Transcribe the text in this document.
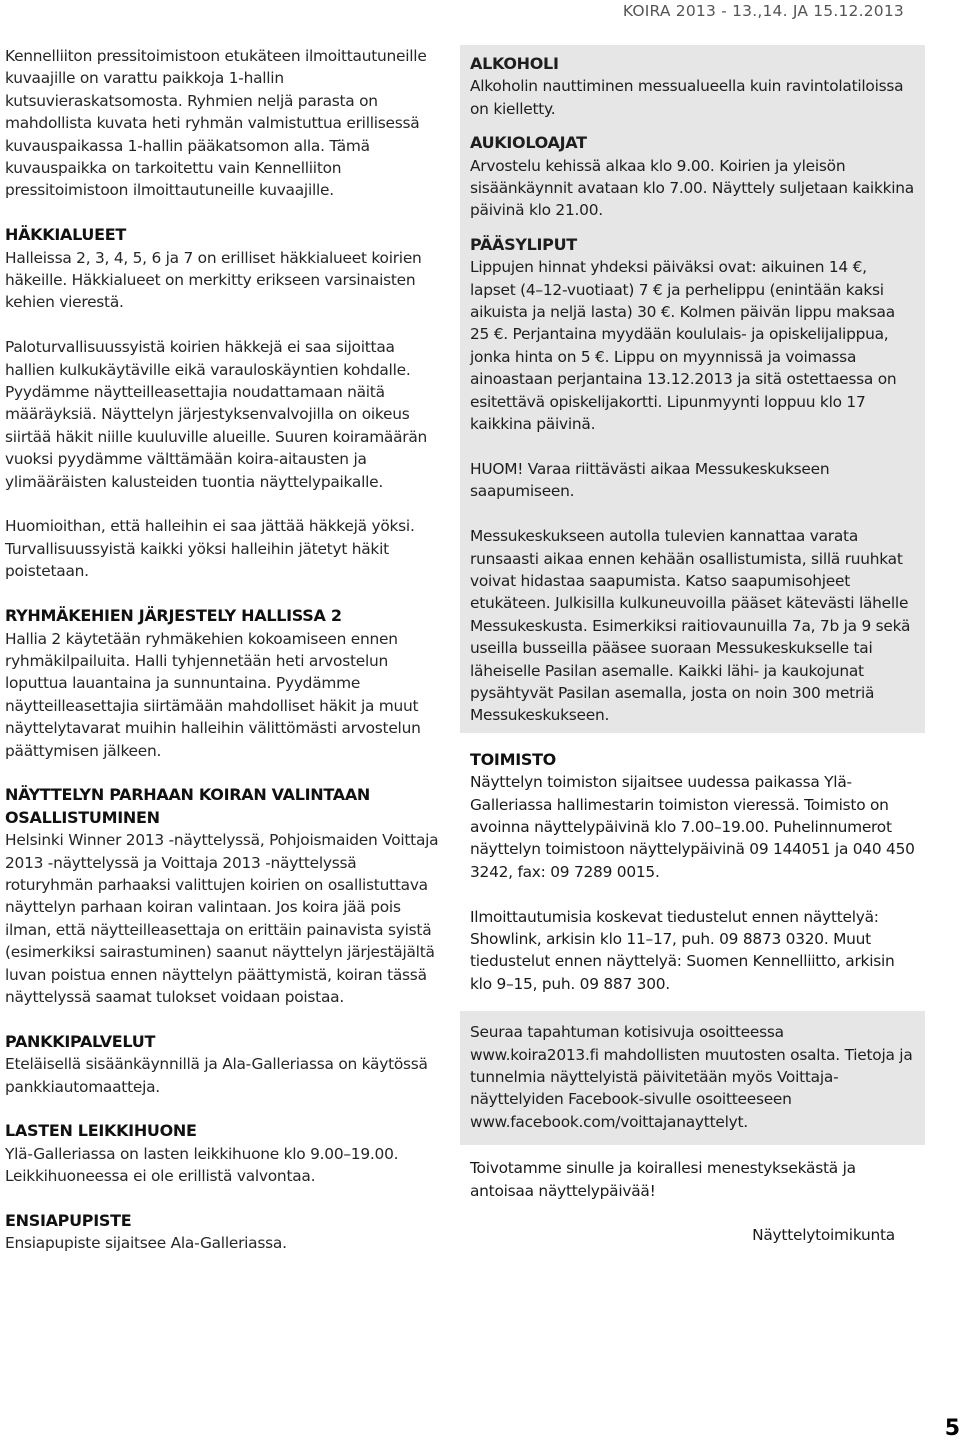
KOIRA 2013 - 13.,14. JA 15.12.2013

Kennelliiton pressitoimistoon etukäteen ilmoittautuneille kuvaajille on varattu paikkoja 1-hallin kutsuvieraskatsomosta. Ryhmien neljä parasta on mahdollista kuvata heti ryhmän valmistuttua erillisessä kuvauspaikassa 1-hallin pääkatsomon alla. Tämä kuvauspaikka on tarkoitettu vain Kennelliiton pressitoimistoon ilmoittautuneille kuvaajille.

HÄKKIALUEET

Halleissa 2, 3, 4, 5, 6 ja 7 on erilliset häkkialueet koirien häkeille. Häkkialueet on merkitty erikseen varsinaisten kehien vierestä.

Paloturvallisuussyistä koirien häkkejä ei saa sijoittaa hallien kulkukäytäville eikä varauloskäyntien kohdalle. Pyydämme näytteilleasettajia noudattamaan näitä määräyksiä. Näyttelyn järjestyksenvalvojilla on oikeus siirtää häkit niille kuuluville alueille. Suuren koiramäärän vuoksi pyydämme välttämään koira-aitausten ja ylimääräisten kalusteiden tuontia näyttelypaikalle.

Huomioithan, että halleihin ei saa jättää häkkejä yöksi. Turvallisuussyistä kaikki yöksi halleihin jätetyt häkit poistetaan.

RYHMÄKEHIEN JÄRJESTELY HALLISSA 2

Hallia 2 käytetään ryhmäkehien kokoamiseen ennen ryhmäkilpailuita. Halli tyhjennetään heti arvostelun loputtua lauantaina ja sunnuntaina. Pyydämme näytteilleasettajia siirtämään mahdolliset häkit ja muut näyttelytavarat muihin halleihin välittömästi arvostelun päättymisen jälkeen.

NÄYTTELYN PARHAAN KOIRAN VALINTAAN OSALLISTUMINEN

Helsinki Winner 2013 -näyttelyssä, Pohjoismaiden Voittaja 2013 -näyttelyssä ja Voittaja 2013 -näyttelyssä roturyhmän parhaaksi valittujen koirien on osallistuttava näyttelyn parhaan koiran valintaan. Jos koira jää pois ilman, että näytteilleasettaja on erittäin painavista syistä (esimerkiksi sairastuminen) saanut näyttelyn järjestäjältä luvan poistua ennen näyttelyn päättymistä, koiran tässä näyttelyssä saamat tulokset voidaan poistaa.

PANKKIPALVELUT

Eteläisellä sisäänkäynnillä ja Ala-Galleriassa on käytössä pankkiautomaatteja.

LASTEN LEIKKIHUONE

Ylä-Galleriassa on lasten leikkihuone klo 9.00–19.00. Leikkihuoneessa ei ole erillistä valvontaa.

ENSIAPUPISTE

Ensiapupiste sijaitsee Ala-Galleriassa.

ALKOHOLI

Alkoholin nauttiminen messualueella kuin ravintolatiloissa on kielletty.

AUKIOLOAJAT

Arvostelu kehissä alkaa klo 9.00. Koirien ja yleisön sisäänkäynnit avataan klo 7.00. Näyttely suljetaan kaikkina päivinä klo 21.00.

PÄÄSYLIPUT

Lippujen hinnat yhdeksi päiväksi ovat: aikuinen 14 €, lapset (4–12-vuotiaat) 7 € ja perhelippu (enintään kaksi aikuista ja neljä lasta) 30 €. Kolmen päivän lippu maksaa 25 €. Perjantaina myydään koululais- ja opiskelijalippua, jonka hinta on 5 €. Lippu on myynnissä ja voimassa ainoastaan perjantaina 13.12.2013 ja sitä ostettaessa on esitettävä opiskelijakortti. Lipunmyynti loppuu klo 17 kaikkina päivinä.

HUOM! Varaa riittävästi aikaa Messukeskukseen saapumiseen.

Messukeskukseen autolla tulevien kannattaa varata runsaasti aikaa ennen kehään osallistumista, sillä ruuhkat voivat hidastaa saapumista. Katso saapumisohjeet etukäteen. Julkisilla kulkuneuvoilla pääset kätevästi lähelle Messukeskusta. Esimerkiksi raitiovaunuilla 7a, 7b ja 9 sekä useilla busseilla pääsee suoraan Messukeskukselle tai läheiselle Pasilan asemalle. Kaikki lähi- ja kaukojunat pysähtyvät Pasilan asemalla, josta on noin 300 metriä Messukeskukseen.

TOIMISTO

Näyttelyn toimiston sijaitsee uudessa paikassa Ylä-Galleriassa hallimestarin toimiston vieressä. Toimisto on avoinna näyttelypäivinä klo 7.00–19.00. Puhelinnumerot näyttelyn toimistoon näyttelypäivinä 09 144051 ja 040 450 3242, fax: 09 7289 0015.

Ilmoittautumisia koskevat tiedustelut ennen näyttelyä: Showlink, arkisin klo 11–17, puh. 09 8873 0320. Muut tiedustelut ennen näyttelyä: Suomen Kennelliitto, arkisin klo 9–15, puh. 09 887 300.

Seuraa tapahtuman kotisivuja osoitteessa www.koira2013.fi mahdollisten muutosten osalta. Tietoja ja tunnelmia näyttelyistä päivitetään myös Voittaja-näyttelyiden Facebook-sivulle osoitteeseen www.facebook.com/voittajanayttelyt.

Toivotamme sinulle ja koirallesi menestyksekästä ja antoisaa näyttelypäivää!

Näyttelytoimikunta

5
